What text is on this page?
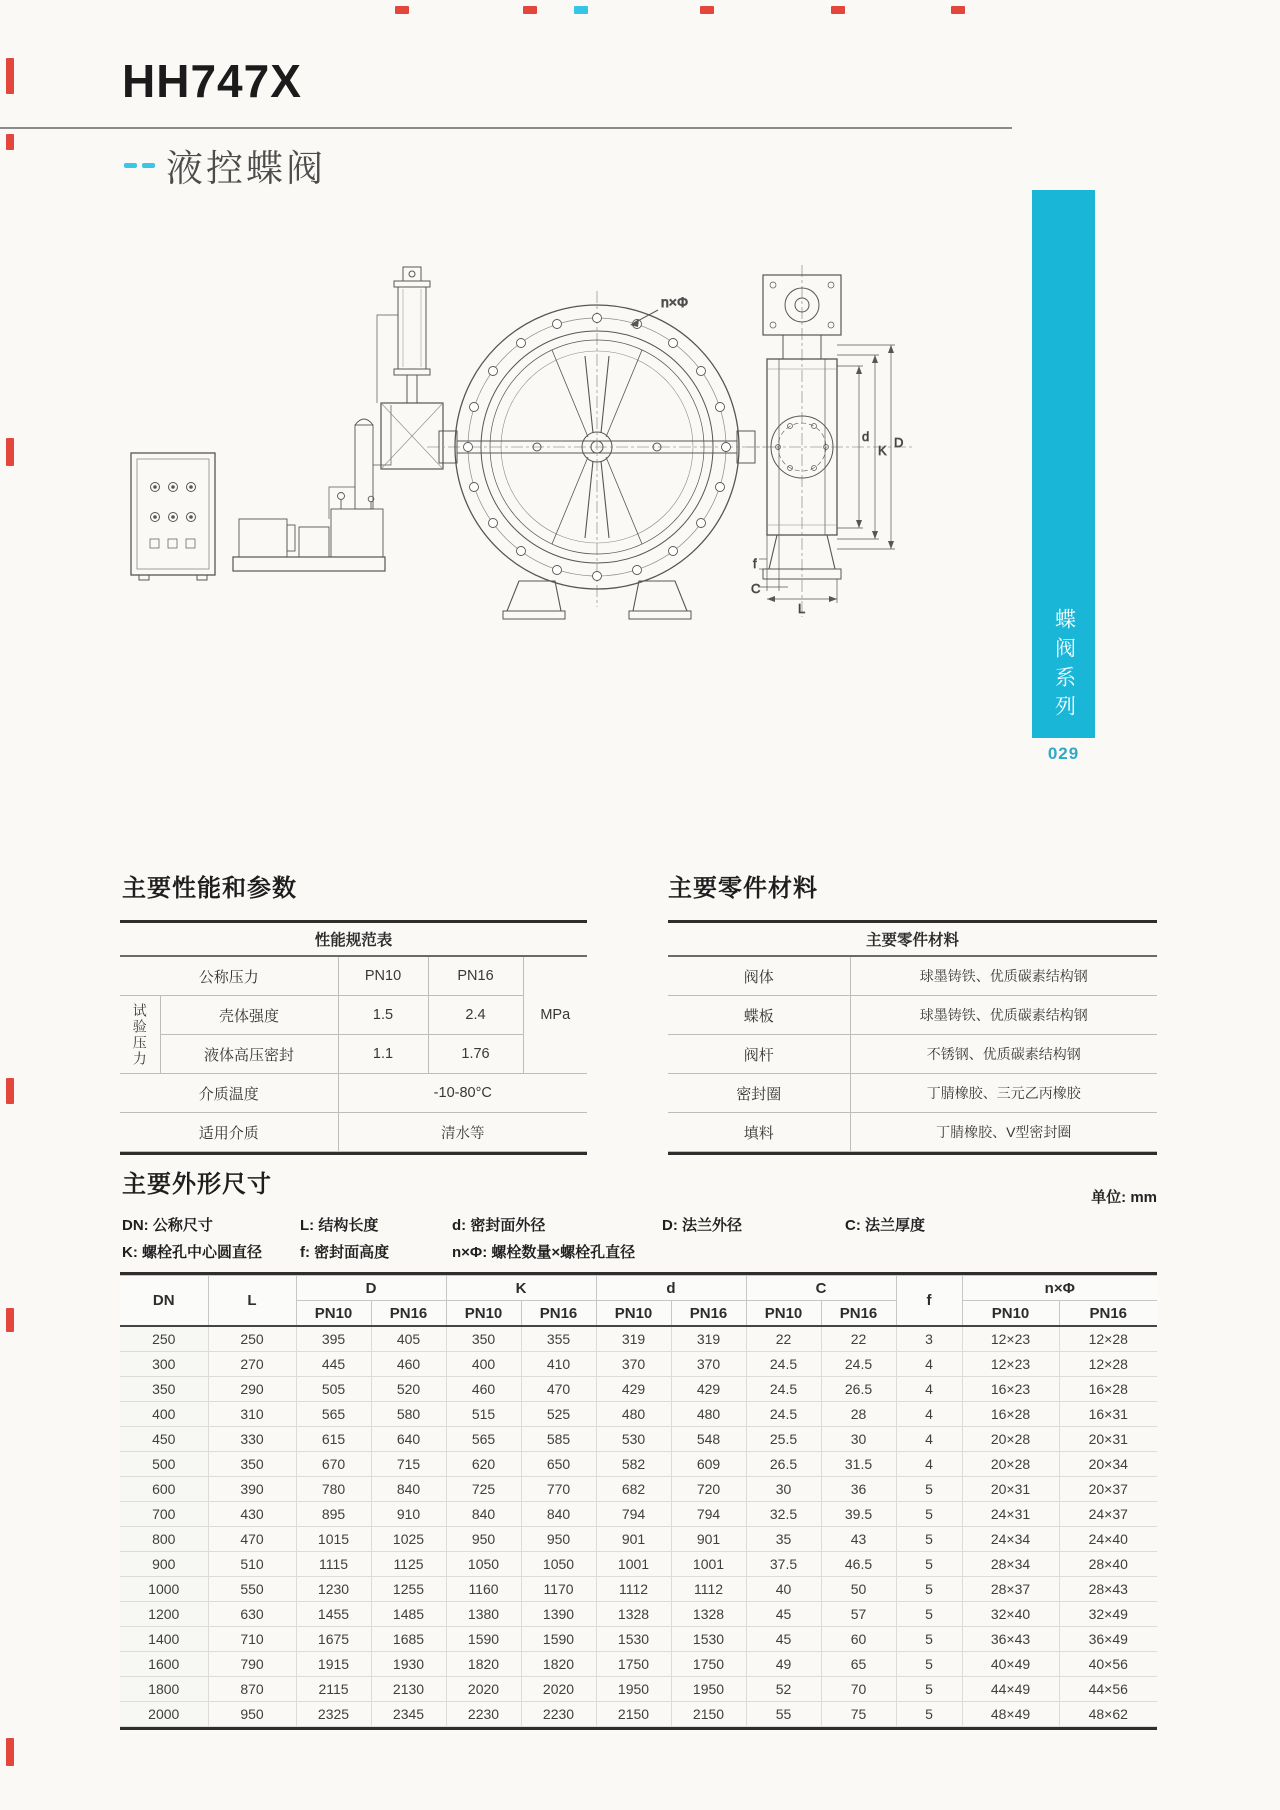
HH747X
液控蝶阀
蝶阀系列
029
n×Φ
d
K
D
f
C
L
主要性能和参数	主要零件材料
性能规范表				
公称压力		PN10	PN16	MPa
试验压力	壳体强度	1.5	2.4	
	液体高压密封	1.1	1.76	
介质温度		-10-80°C		
适用介质		清水等		
主要零件材料	
阀体	球墨铸铁、优质碳素结构钢
蝶板	球墨铸铁、优质碳素结构钢
阀杆	不锈钢、优质碳素结构钢
密封圈	丁腈橡胶、三元乙丙橡胶
填料	丁腈橡胶、V型密封圈
主要外形尺寸	单位: mm
DN: 公称尺寸	L: 结构长度	d: 密封面外径	D: 法兰外径	C: 法兰厚度
K: 螺栓孔中心圆直径	f: 密封面高度	n×Φ: 螺栓数量×螺栓孔直径
DN	L	D		K		d		C		f	n×Φ	
		PN10	PN16	PN10	PN16	PN10	PN16	PN10	PN16		PN10	PN16
250	250	395	405	350	355	319	319	22	22	3	12×23	12×28
300	270	445	460	400	410	370	370	24.5	24.5	4	12×23	12×28
350	290	505	520	460	470	429	429	24.5	26.5	4	16×23	16×28
400	310	565	580	515	525	480	480	24.5	28	4	16×28	16×31
450	330	615	640	565	585	530	548	25.5	30	4	20×28	20×31
500	350	670	715	620	650	582	609	26.5	31.5	4	20×28	20×34
600	390	780	840	725	770	682	720	30	36	5	20×31	20×37
700	430	895	910	840	840	794	794	32.5	39.5	5	24×31	24×37
800	470	1015	1025	950	950	901	901	35	43	5	24×34	24×40
900	510	1115	1125	1050	1050	1001	1001	37.5	46.5	5	28×34	28×40
1000	550	1230	1255	1160	1170	1112	1112	40	50	5	28×37	28×43
1200	630	1455	1485	1380	1390	1328	1328	45	57	5	32×40	32×49
1400	710	1675	1685	1590	1590	1530	1530	45	60	5	36×43	36×49
1600	790	1915	1930	1820	1820	1750	1750	49	65	5	40×49	40×56
1800	870	2115	2130	2020	2020	1950	1950	52	70	5	44×49	44×56
2000	950	2325	2345	2230	2230	2150	2150	55	75	5	48×49	48×62
